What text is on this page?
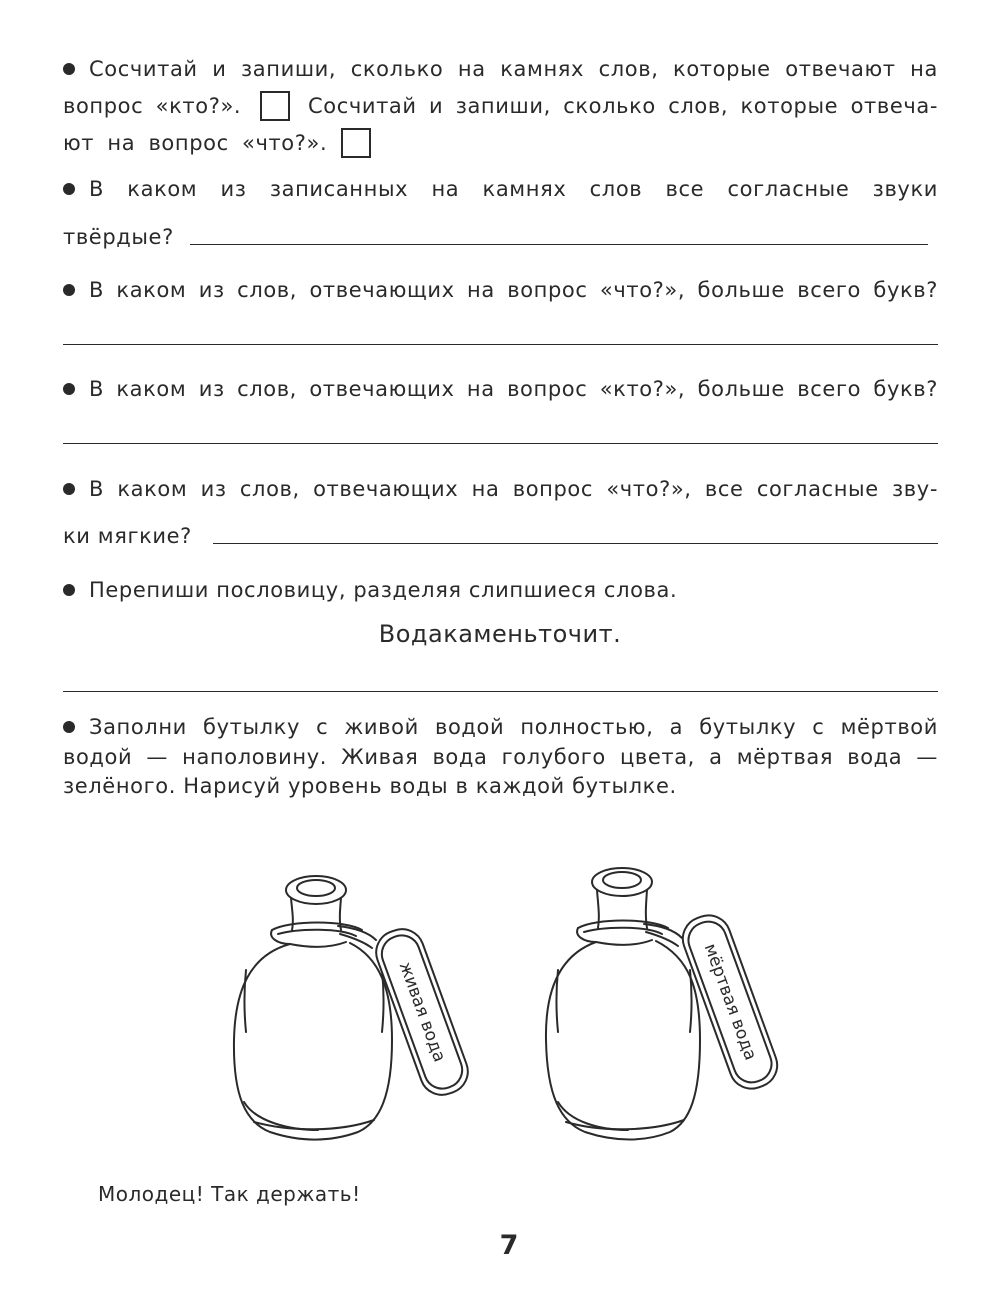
Сосчитай и запиши, сколько на камнях слов, которые отвечают на
вопрос «кто?».	Сосчитай и запиши, сколько слов, которые отвеча-
ют на вопрос «что?».
В каком из записанных на камнях слов все согласные звуки
твёрдые?
В каком из слов, отвечающих на вопрос «что?», больше всего букв?
В каком из слов, отвечающих на вопрос «кто?», больше всего букв?
В каком из слов, отвечающих на вопрос «что?», все согласные зву-
ки мягкие?
Перепиши пословицу, разделяя слипшиеся слова.
Водакаменьточит.
Заполни бутылку с живой водой полностью, а бутылку с мёртвой
водой — наполовину. Живая вода голубого цвета, а мёртвая вода —
зелёного. Нарисуй уровень воды в каждой бутылке.
живая вода	мёртвая вода
Молодец! Так держать!
7
